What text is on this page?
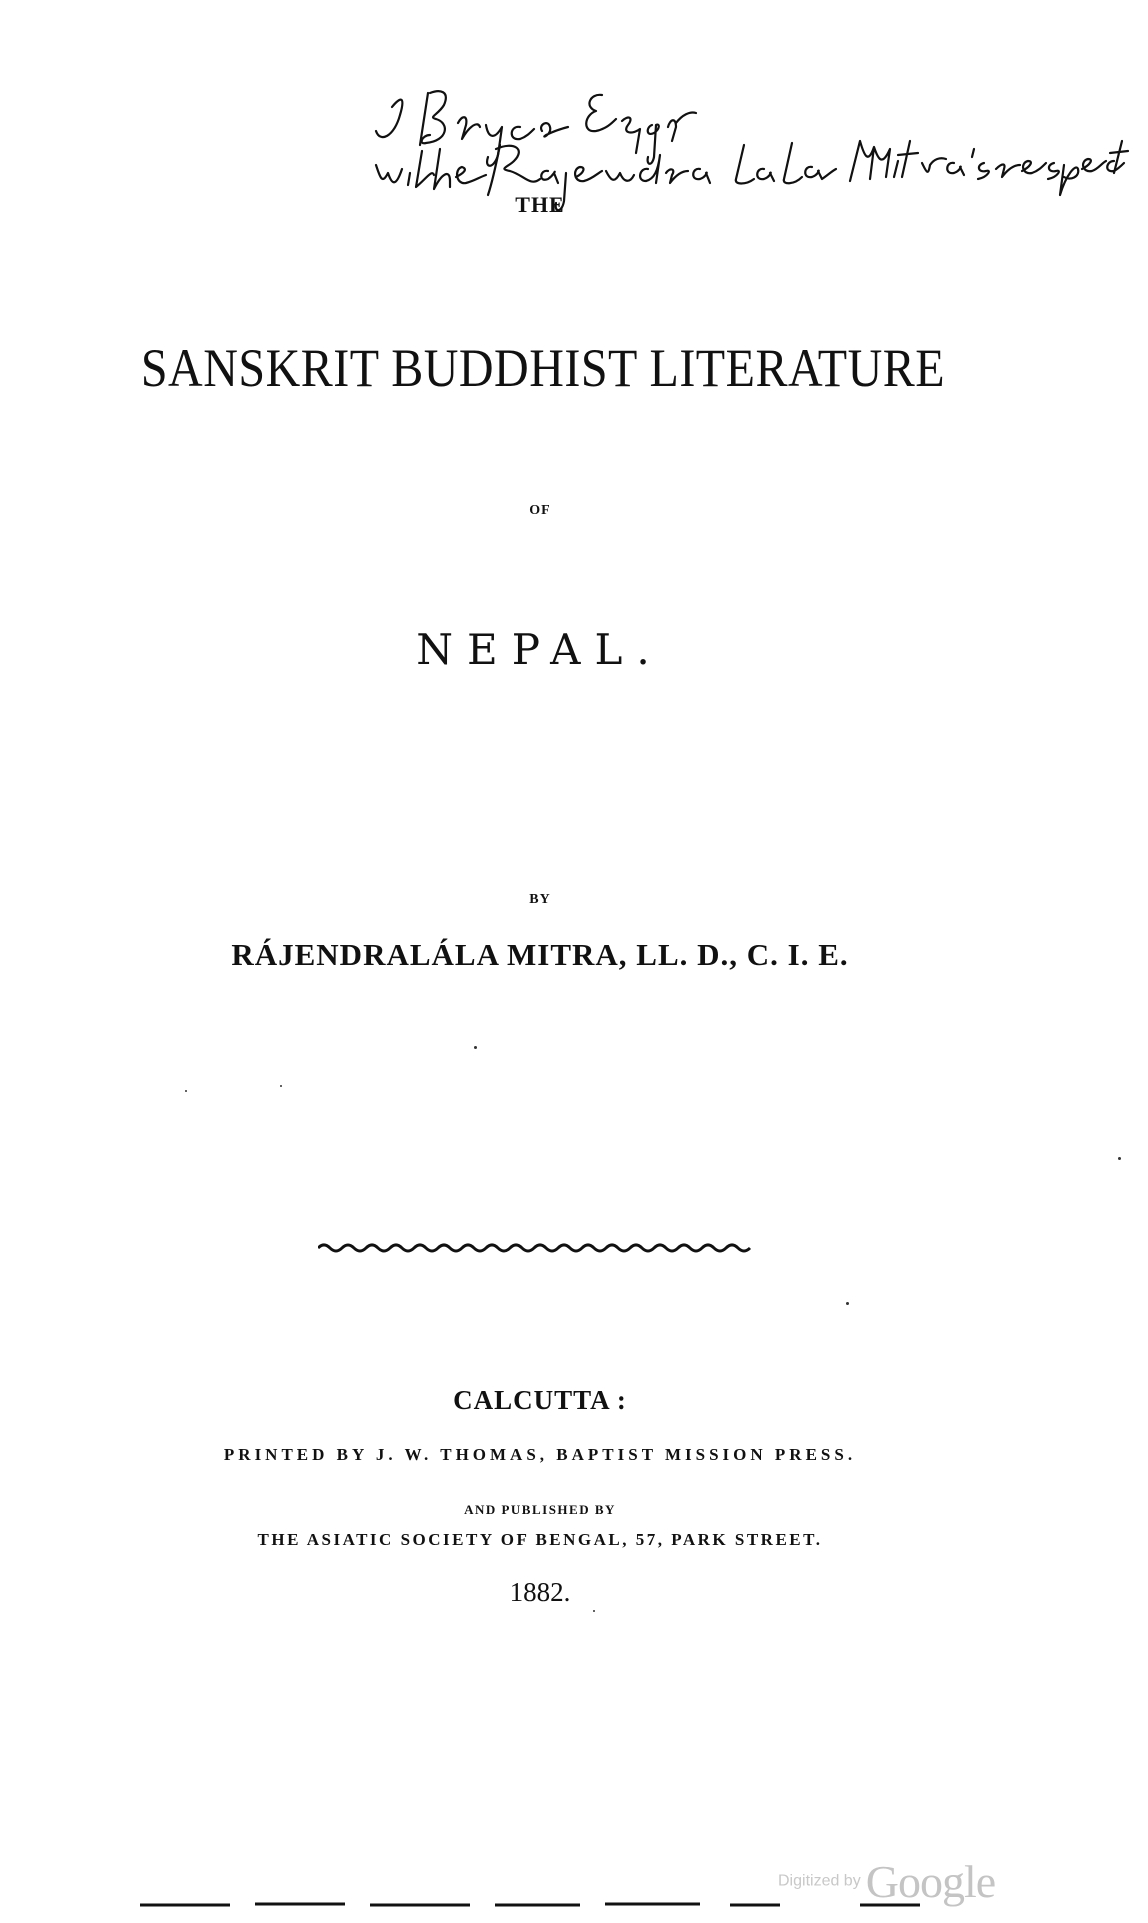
THE
SANSKRIT BUDDHIST LITERATURE
OF
NEPAL.
BY
RÁJENDRALÁLA MITRA, LL. D., C. I. E.
CALCUTTA :
PRINTED BY J. W. THOMAS, BAPTIST MISSION PRESS.
AND PUBLISHED BY
THE ASIATIC SOCIETY OF BENGAL, 57, PARK STREET.
1882.
Digitized by Google
